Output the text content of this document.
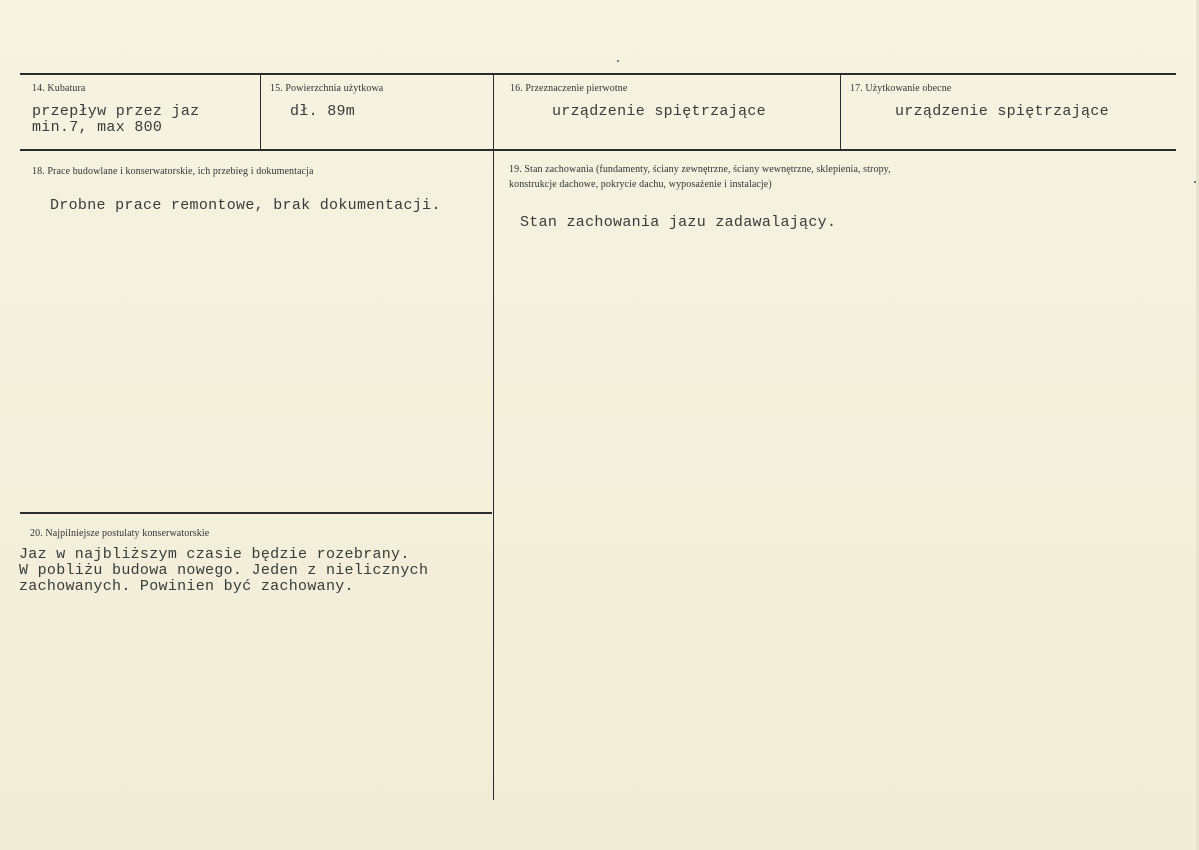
14. Kubatura
przepływ przez jaz
min.7, max 800
15. Powierzchnia użytkowa
dł. 89m
16. Przeznaczenie pierwotne
urządzenie spiętrzające
17. Użytkowanie obecne
urządzenie spiętrzające
18. Prace budowlane i konserwatorskie, ich przebieg i dokumentacja
Drobne prace remontowe, brak dokumentacji.
19. Stan zachowania (fundamenty, ściany zewnętrzne, ściany wewnętrzne, sklepienia, stropy,
konstrukcje dachowe, pokrycie dachu, wyposażenie i instalacje)
Stan zachowania jazu zadawalający.
20. Najpilniejsze postulaty konserwatorskie
Jaz w najbliższym czasie będzie rozebrany.
W pobliżu budowa nowego. Jeden z nielicznych
zachowanych. Powinien być zachowany.
